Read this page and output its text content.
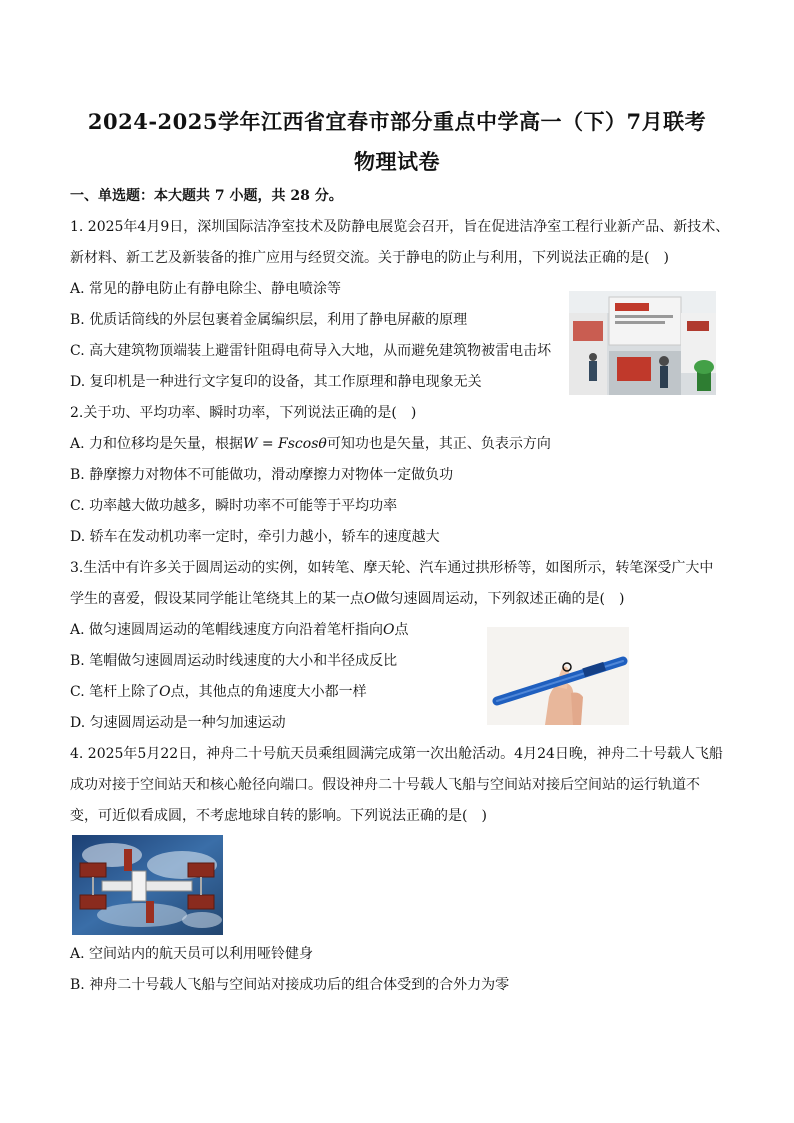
2024-2025学年江西省宜春市部分重点中学高一（下）7月联考
物理试卷
一、单选题：本大题共 7 小题，共 28 分。
1. 2025年4月9日，深圳国际洁净室技术及防静电展览会召开，旨在促进洁净室工程行业新产品、新技术、
新材料、新工艺及新装备的推广应用与经贸交流。关于静电的防止与利用，下列说法正确的是(　)
A. 常见的静电防止有静电除尘、静电喷涂等
B. 优质话筒线的外层包裹着金属编织层，利用了静电屏蔽的原理
C. 高大建筑物顶端装上避雷针阻碍电荷导入大地，从而避免建筑物被雷电击坏
D. 复印机是一种进行文字复印的设备，其工作原理和静电现象无关
2.关于功、平均功率、瞬时功率，下列说法正确的是(　)
A. 力和位移均是矢量，根据W = Fscosθ可知功也是矢量，其正、负表示方向
B. 静摩擦力对物体不可能做功，滑动摩擦力对物体一定做负功
C. 功率越大做功越多，瞬时功率不可能等于平均功率
D. 轿车在发动机功率一定时，牵引力越小，轿车的速度越大
3.生活中有许多关于圆周运动的实例，如转笔、摩天轮、汽车通过拱形桥等，如图所示，转笔深受广大中
学生的喜爱，假设某同学能让笔绕其上的某一点O做匀速圆周运动，下列叙述正确的是(　)
A. 做匀速圆周运动的笔帽线速度方向沿着笔杆指向O点
B. 笔帽做匀速圆周运动时线速度的大小和半径成反比
C. 笔杆上除了O点，其他点的角速度大小都一样
D. 匀速圆周运动是一种匀加速运动
4. 2025年5月22日，神舟二十号航天员乘组圆满完成第一次出舱活动。4月24日晚，神舟二十号载人飞船
成功对接于空间站天和核心舱径向端口。假设神舟二十号载人飞船与空间站对接后空间站的运行轨道不
变，可近似看成圆，不考虑地球自转的影响。下列说法正确的是(　)
A. 空间站内的航天员可以利用哑铃健身
B. 神舟二十号载人飞船与空间站对接成功后的组合体受到的合外力为零
